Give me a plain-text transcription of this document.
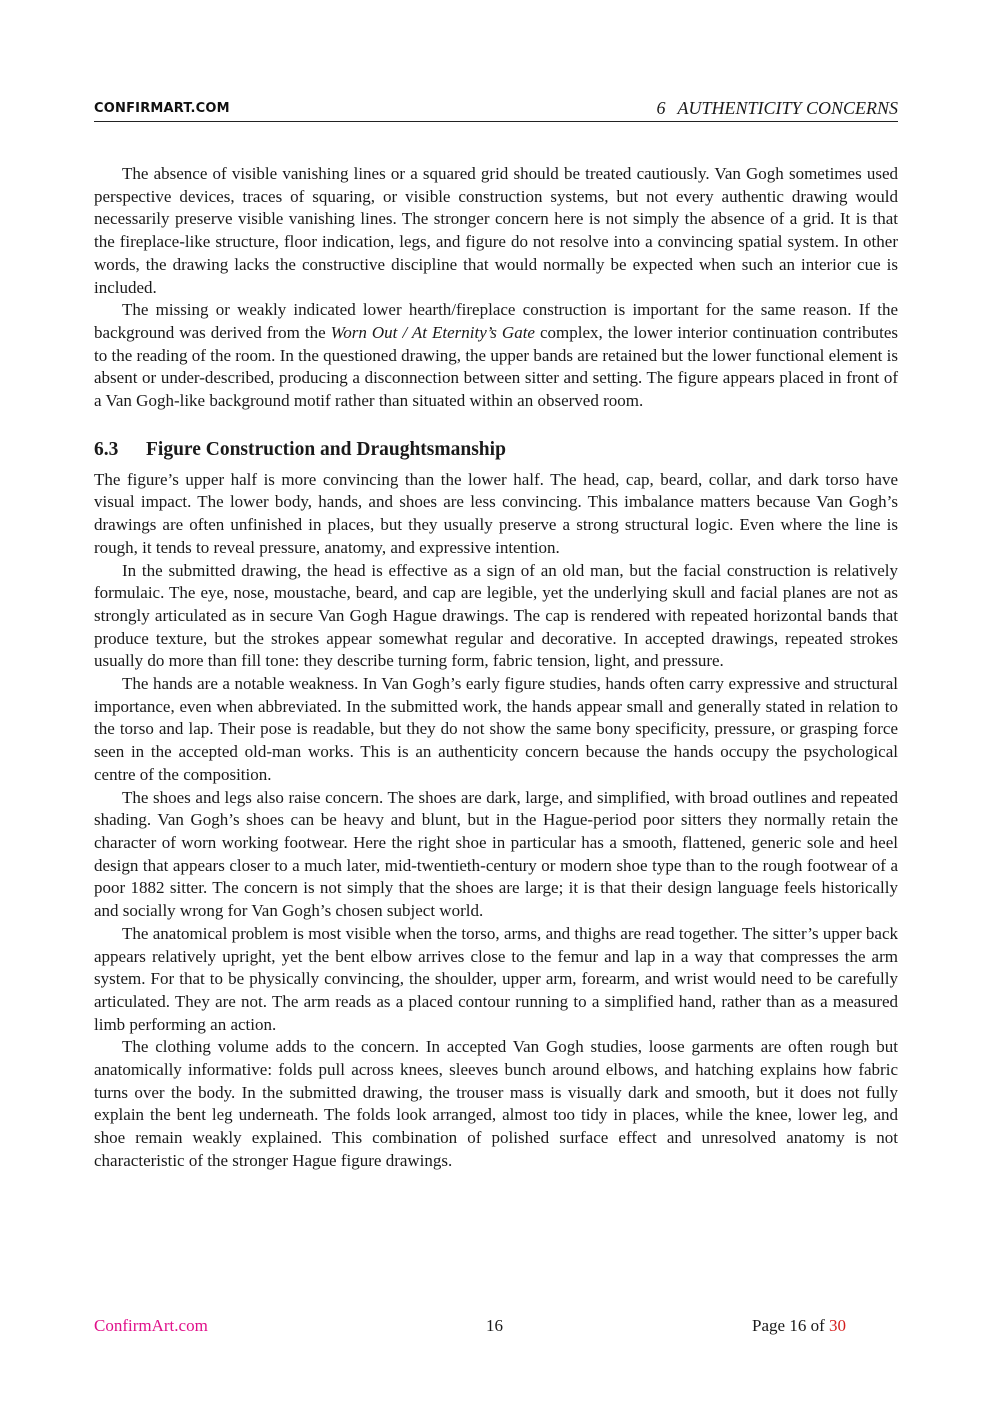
CONFIRMART.COM	6 AUTHENTICITY CONCERNS

The absence of visible vanishing lines or a squared grid should be treated cautiously. Van Gogh sometimes used perspective devices, traces of squaring, or visible construction systems, but not every authentic drawing would necessarily preserve visible vanishing lines. The stronger concern here is not simply the absence of a grid. It is that the fireplace-like structure, floor indication, legs, and figure do not resolve into a convincing spatial system. In other words, the drawing lacks the constructive discipline that would normally be expected when such an interior cue is included.

The missing or weakly indicated lower hearth/fireplace construction is important for the same reason. If the background was derived from the Worn Out / At Eternity’s Gate complex, the lower interior continuation contributes to the reading of the room. In the questioned drawing, the upper bands are retained but the lower functional element is absent or under-described, producing a disconnection between sitter and setting. The figure appears placed in front of a Van Gogh-like background motif rather than situated within an observed room.

6.3 Figure Construction and Draughtsmanship

The figure’s upper half is more convincing than the lower half. The head, cap, beard, collar, and dark torso have visual impact. The lower body, hands, and shoes are less convincing. This imbalance matters because Van Gogh’s drawings are often unfinished in places, but they usually preserve a strong structural logic. Even where the line is rough, it tends to reveal pressure, anatomy, and expressive intention.

In the submitted drawing, the head is effective as a sign of an old man, but the facial construction is relatively formulaic. The eye, nose, moustache, beard, and cap are legible, yet the underlying skull and facial planes are not as strongly articulated as in secure Van Gogh Hague drawings. The cap is rendered with repeated horizontal bands that produce texture, but the strokes appear somewhat regular and decorative. In accepted drawings, repeated strokes usually do more than fill tone: they describe turning form, fabric tension, light, and pressure.

The hands are a notable weakness. In Van Gogh’s early figure studies, hands often carry expressive and structural importance, even when abbreviated. In the submitted work, the hands appear small and generally stated in relation to the torso and lap. Their pose is readable, but they do not show the same bony specificity, pressure, or grasping force seen in the accepted old-man works. This is an authenticity concern because the hands occupy the psychological centre of the composition.

The shoes and legs also raise concern. The shoes are dark, large, and simplified, with broad outlines and repeated shading. Van Gogh’s shoes can be heavy and blunt, but in the Hague-period poor sitters they normally retain the character of worn working footwear. Here the right shoe in particular has a smooth, flattened, generic sole and heel design that appears closer to a much later, mid-twentieth-century or modern shoe type than to the rough footwear of a poor 1882 sitter. The concern is not simply that the shoes are large; it is that their design language feels historically and socially wrong for Van Gogh’s chosen subject world.

The anatomical problem is most visible when the torso, arms, and thighs are read together. The sitter’s upper back appears relatively upright, yet the bent elbow arrives close to the femur and lap in a way that compresses the arm system. For that to be physically convincing, the shoulder, upper arm, forearm, and wrist would need to be carefully articulated. They are not. The arm reads as a placed contour running to a simplified hand, rather than as a measured limb performing an action.

The clothing volume adds to the concern. In accepted Van Gogh studies, loose garments are often rough but anatomically informative: folds pull across knees, sleeves bunch around elbows, and hatching explains how fabric turns over the body. In the submitted drawing, the trouser mass is visually dark and smooth, but it does not fully explain the bent leg underneath. The folds look arranged, almost too tidy in places, while the knee, lower leg, and shoe remain weakly explained. This combination of polished surface effect and unresolved anatomy is not characteristic of the stronger Hague figure drawings.

ConfirmArt.com	16	Page 16 of 30
